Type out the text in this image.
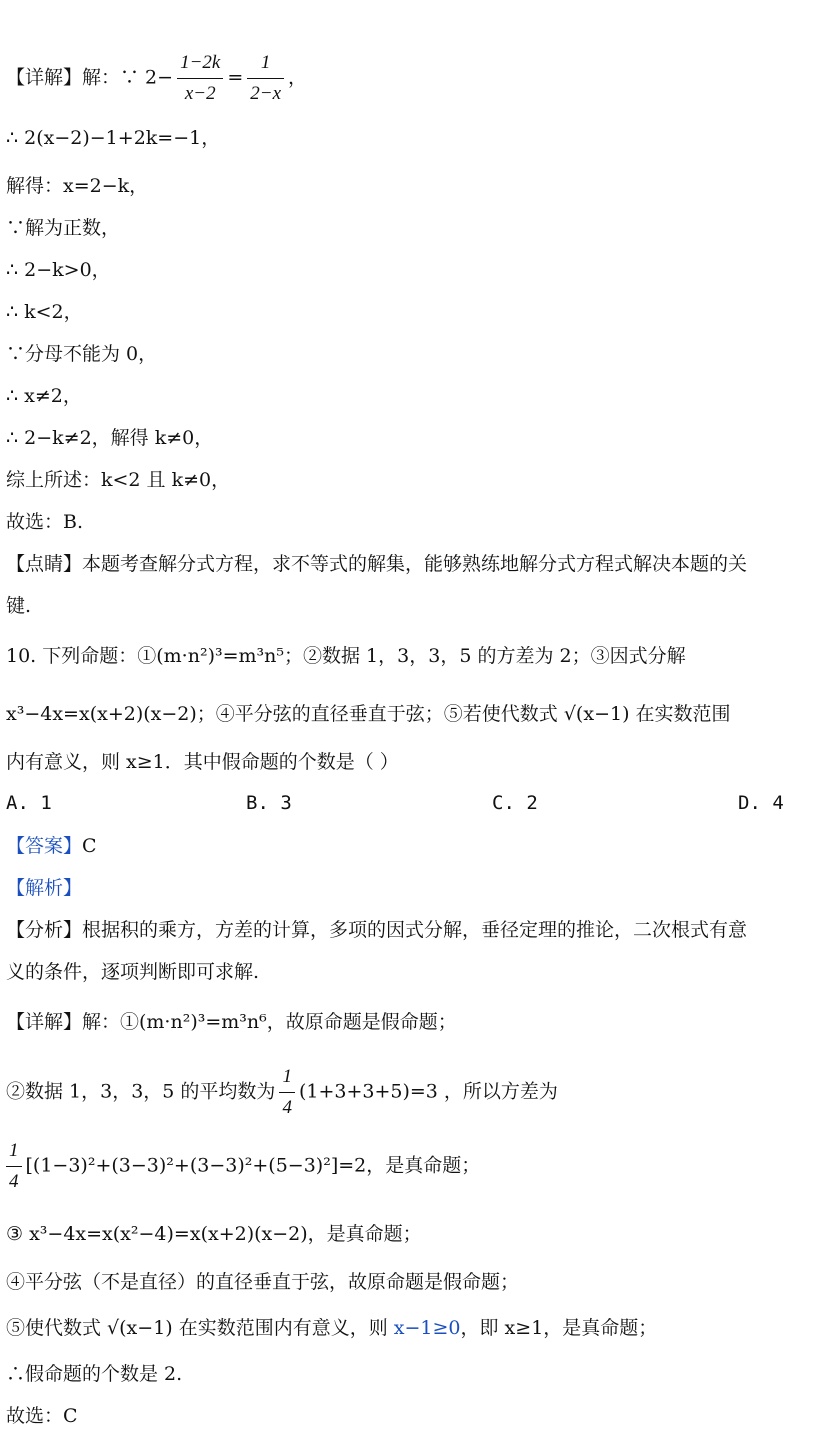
【详解】解：∵ $2- \frac{1-2k}{x-2} = \frac{1}{2-x}$ ，
∴ 2(x−2)−1+2k=−1，
解得：x=2−k，
∵解为正数，
∴ 2−k>0，
∴ k<2，
∵分母不能为 0，
∴ x≠2，
∴ 2−k≠2，解得 k≠0，
综上所述：k<2 且 k≠0，
故选：B.
【点睛】本题考查解分式方程，求不等式的解集，能够熟练地解分式方程式解决本题的关
键.
10. 下列命题：①(m·n²)³=m³n⁵；②数据 1，3，3，5 的方差为 2；③因式分解
x³−4x=x(x+2)(x−2)；④平分弦的直径垂直于弦；⑤若使代数式 √(x−1) 在实数范围
内有意义，则 x≥1．其中假命题的个数是（ ）
A. 1	B. 3	C. 2	D. 4
【答案】C
【解析】
【分析】根据积的乘方，方差的计算，多项的因式分解，垂径定理的推论，二次根式有意
义的条件，逐项判断即可求解.
【详解】解：①(m·n²)³=m³n⁶，故原命题是假命题；
②数据 1，3，3，5 的平均数为 $\frac{1}{4} (1+3+3+5)=3$ ，所以方差为
$\frac{1}{4} [(1-3)^2+(3-3)^2+(3-3)^2+(5-3)^2]=2$，是真命题；
③ x³−4x=x(x²−4)=x(x+2)(x−2)，是真命题；
④平分弦（不是直径）的直径垂直于弦，故原命题是假命题；
⑤使代数式 √(x−1) 在实数范围内有意义，则 x−1≥0，即 x≥1，是真命题；
∴假命题的个数是 2.
故选：C
